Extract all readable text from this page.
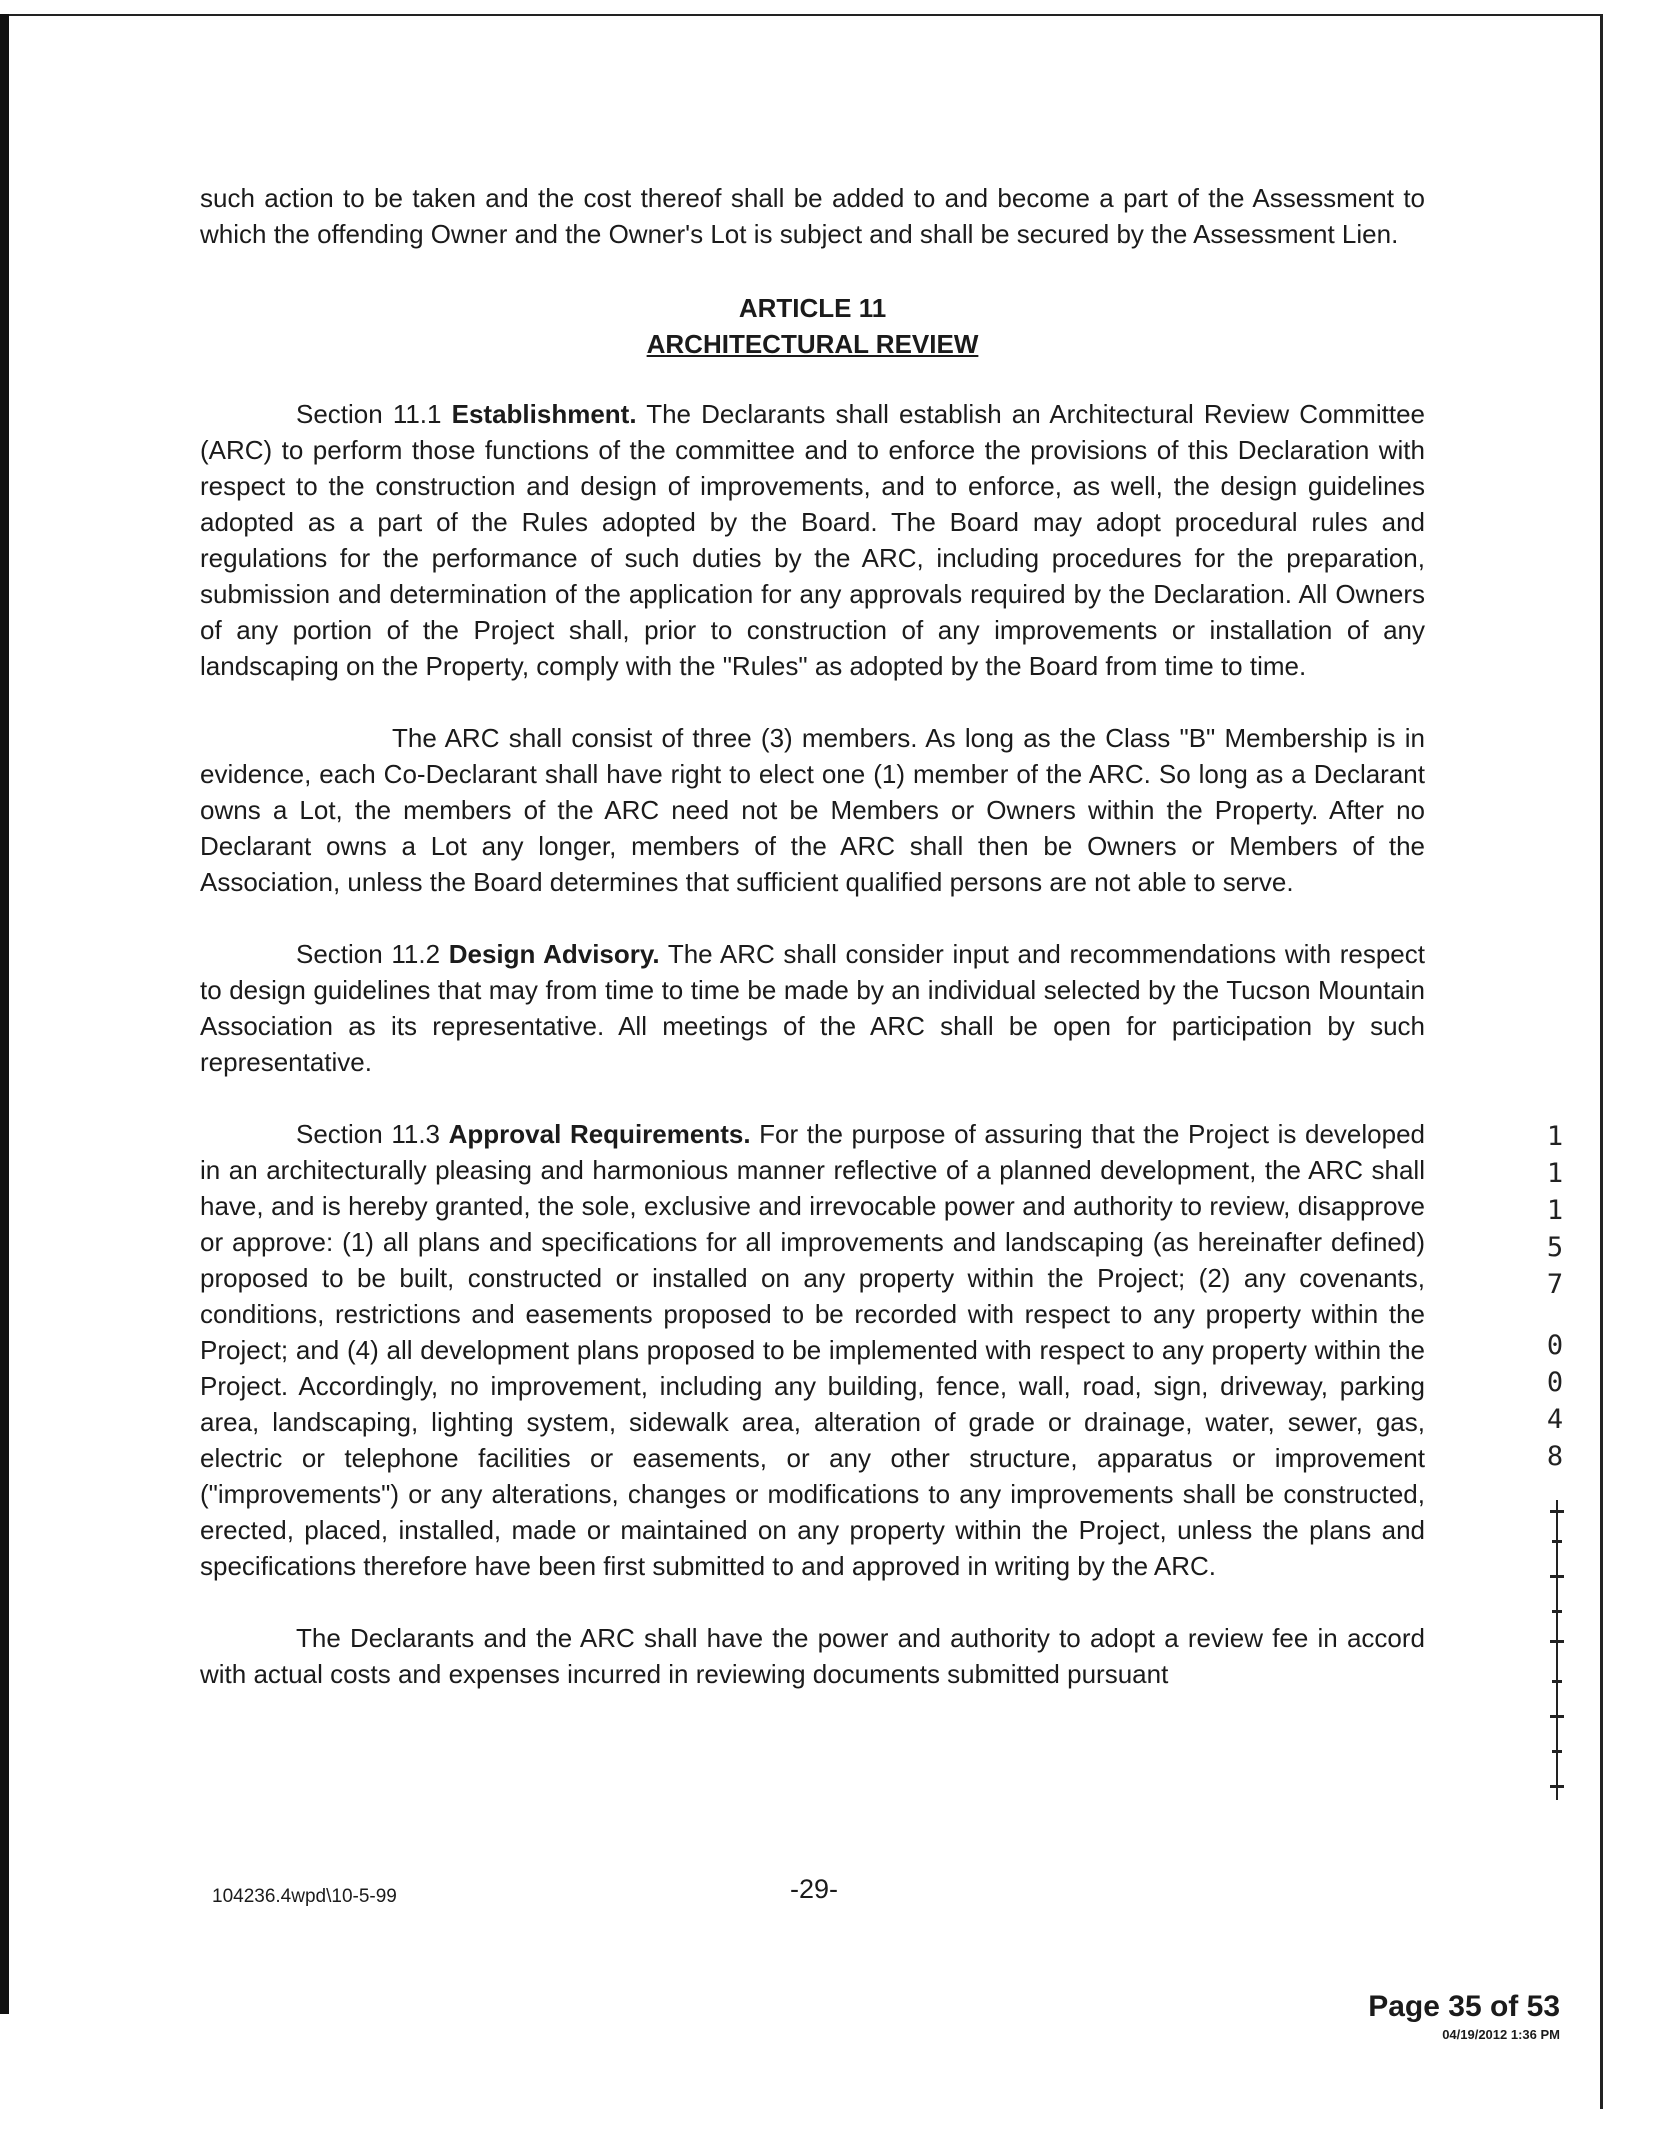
such action to be taken and the cost thereof shall be added to and become a part of the Assessment to which the offending Owner and the Owner's Lot is subject and shall be secured by the Assessment Lien.

ARTICLE 11
ARCHITECTURAL REVIEW

Section 11.1 Establishment. The Declarants shall establish an Architectural Review Committee (ARC) to perform those functions of the committee and to enforce the provisions of this Declaration with respect to the construction and design of improvements, and to enforce, as well, the design guidelines adopted as a part of the Rules adopted by the Board. The Board may adopt procedural rules and regulations for the performance of such duties by the ARC, including procedures for the preparation, submission and determination of the application for any approvals required by the Declaration. All Owners of any portion of the Project shall, prior to construction of any improvements or installation of any landscaping on the Property, comply with the "Rules" as adopted by the Board from time to time.

The ARC shall consist of three (3) members. As long as the Class "B" Membership is in evidence, each Co-Declarant shall have right to elect one (1) member of the ARC. So long as a Declarant owns a Lot, the members of the ARC need not be Members or Owners within the Property. After no Declarant owns a Lot any longer, members of the ARC shall then be Owners or Members of the Association, unless the Board determines that sufficient qualified persons are not able to serve.

Section 11.2 Design Advisory. The ARC shall consider input and recommendations with respect to design guidelines that may from time to time be made by an individual selected by the Tucson Mountain Association as its representative. All meetings of the ARC shall be open for participation by such representative.

Section 11.3 Approval Requirements. For the purpose of assuring that the Project is developed in an architecturally pleasing and harmonious manner reflective of a planned development, the ARC shall have, and is hereby granted, the sole, exclusive and irrevocable power and authority to review, disapprove or approve: (1) all plans and specifications for all improvements and landscaping (as hereinafter defined) proposed to be built, constructed or installed on any property within the Project; (2) any covenants, conditions, restrictions and easements proposed to be recorded with respect to any property within the Project; and (4) all development plans proposed to be implemented with respect to any property within the Project. Accordingly, no improvement, including any building, fence, wall, road, sign, driveway, parking area, landscaping, lighting system, sidewalk area, alteration of grade or drainage, water, sewer, gas, electric or telephone facilities or easements, or any other structure, apparatus or improvement ("improvements") or any alterations, changes or modifications to any improvements shall be constructed, erected, placed, installed, made or maintained on any property within the Project, unless the plans and specifications therefore have been first submitted to and approved in writing by the ARC.

The Declarants and the ARC shall have the power and authority to adopt a review fee in accord with actual costs and expenses incurred in reviewing documents submitted pursuant

104236.4wpd\10-5-99	-29-
1
1
1
5
7
0
0
4
8
Page 35 of 53
04/19/2012 1:36 PM
